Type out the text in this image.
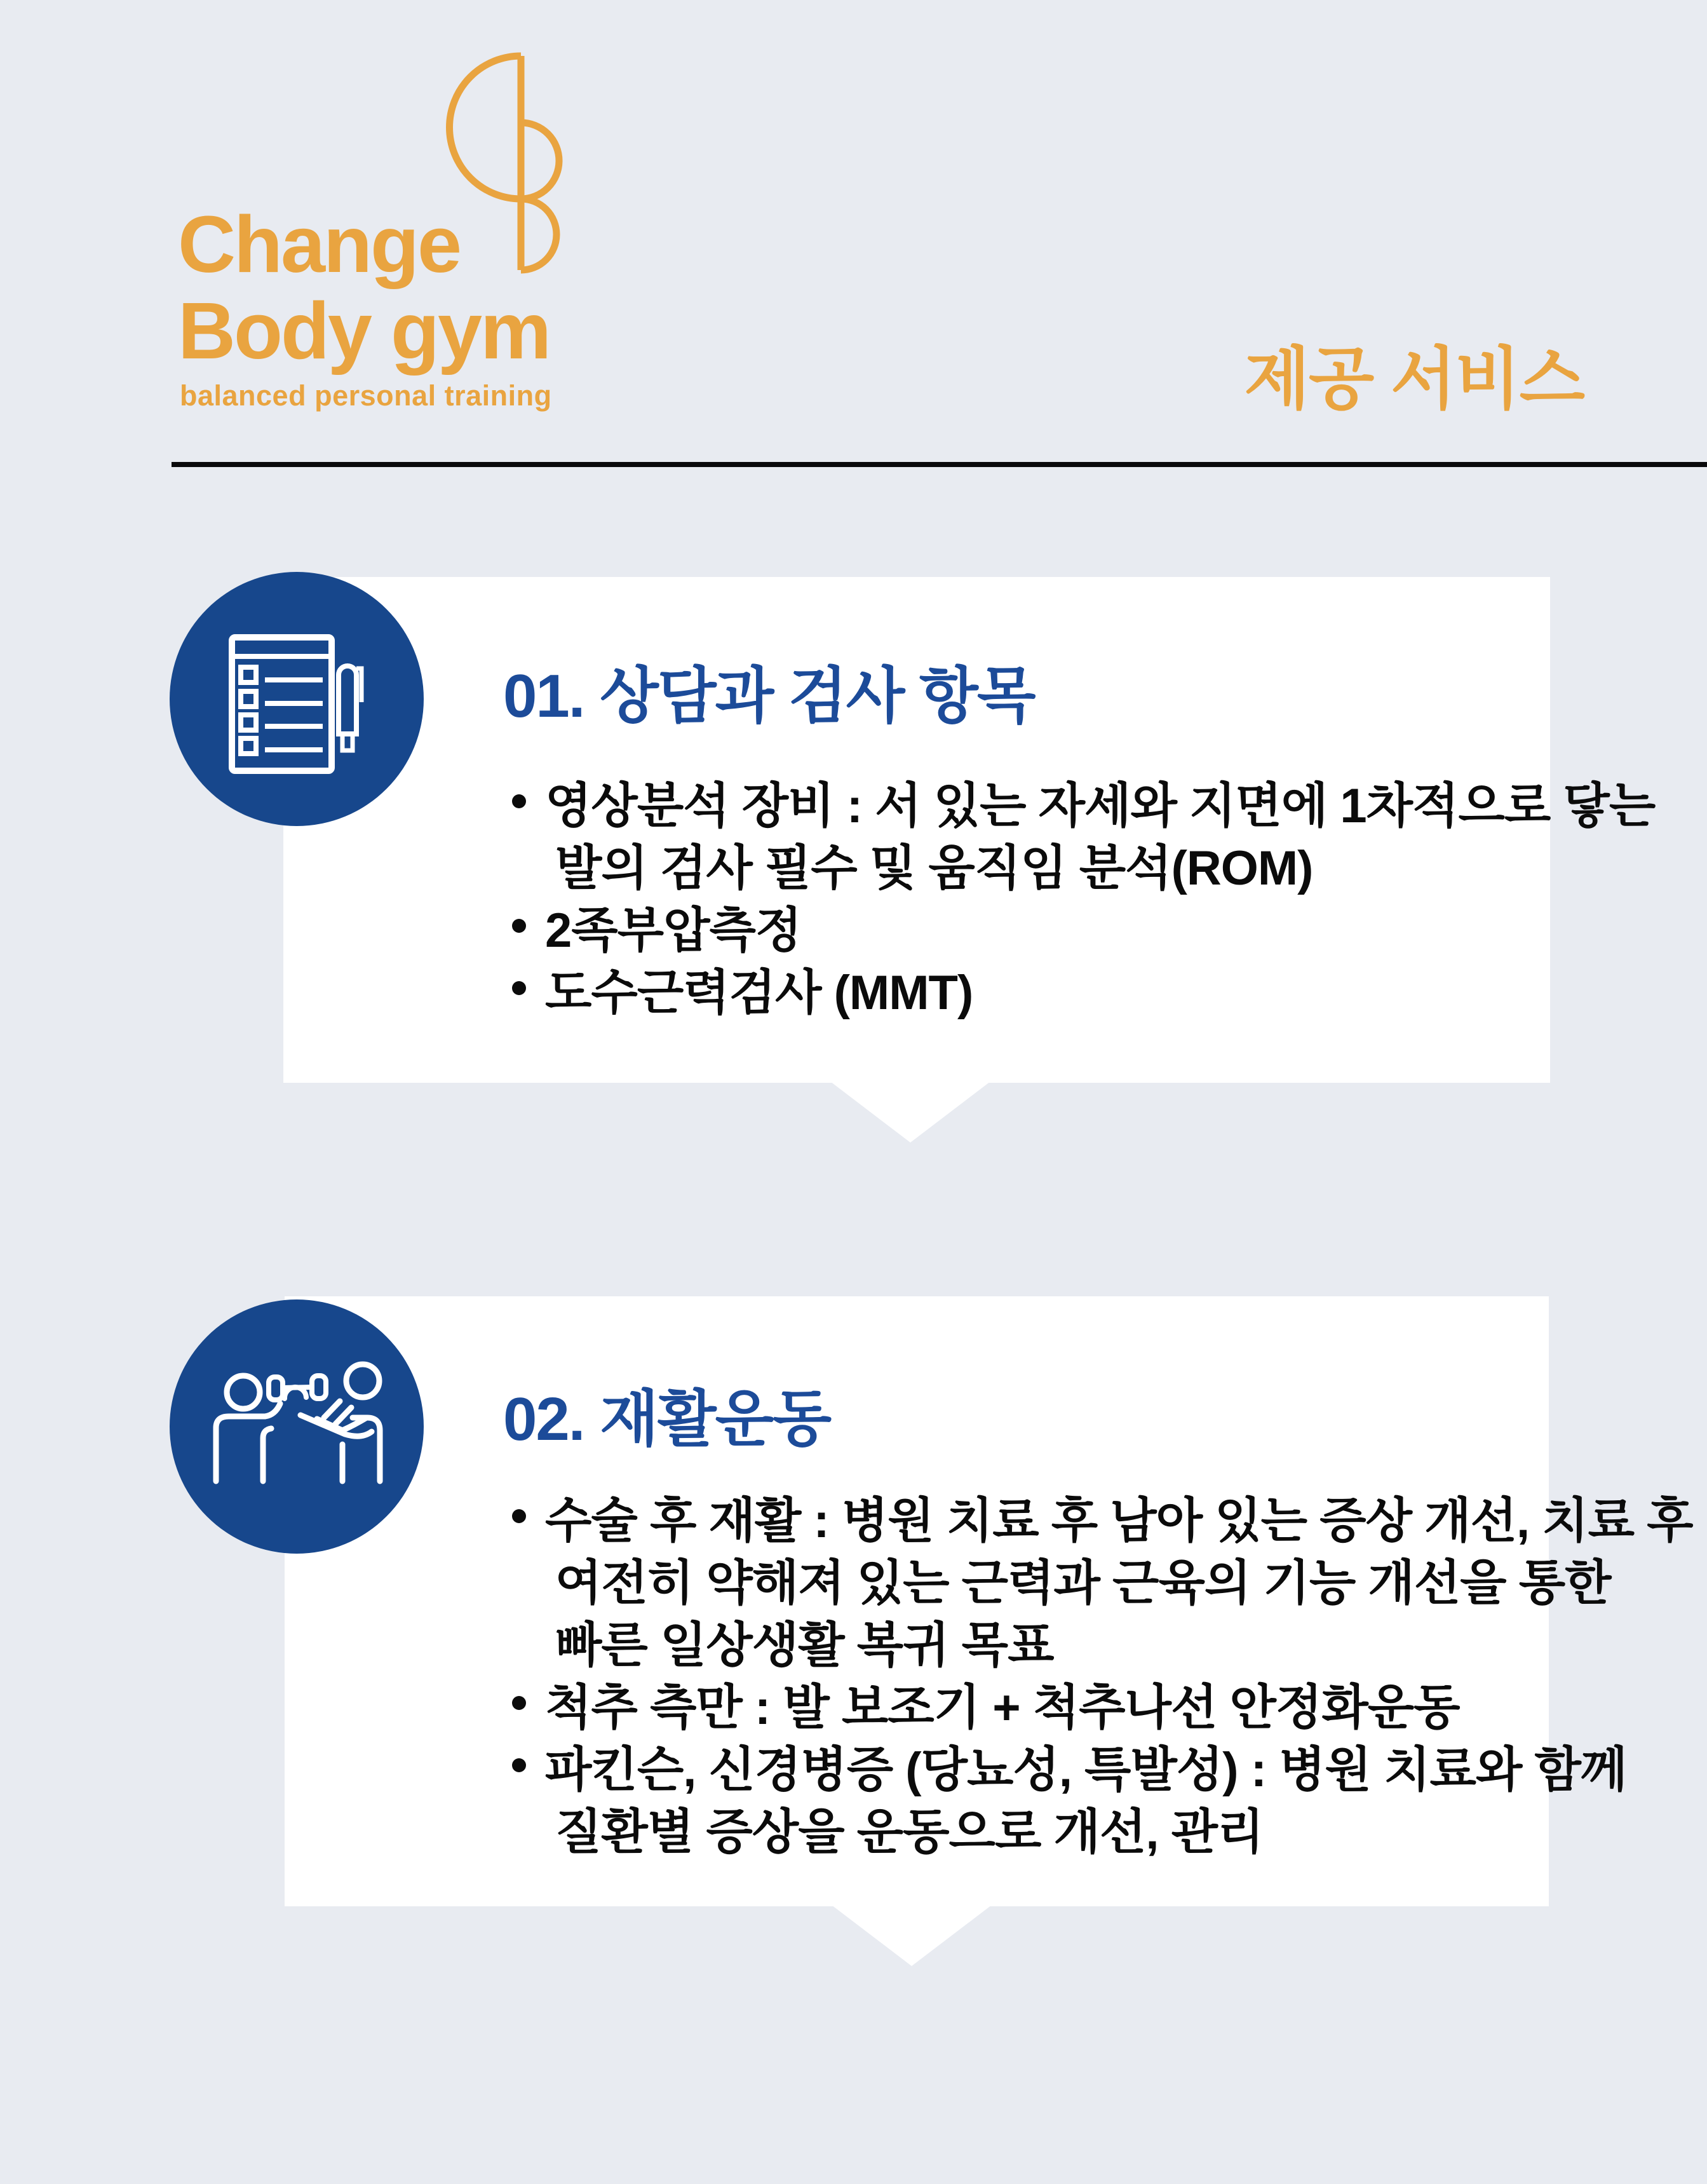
Change
Body gym
balanced personal training	제공 서비스
01. 상담과 검사 항목
영상분석 장비 : 서 있는 자세와 지면에 1차적으로 닿는
발의 검사 필수 및 움직임 분석(ROM)
2족부압측정
도수근력검사 (MMT)
02. 재활운동
수술 후 재활 : 병원 치료 후 남아 있는 증상 개선, 치료 후
여전히 약해져 있는 근력과 근육의 기능 개선을 통한
빠른 일상생활 복귀 목표
척추 측만 : 발 보조기 + 척추나선 안정화운동
파킨슨, 신경병증 (당뇨성, 특발성) : 병원 치료와 함께
질환별 증상을 운동으로 개선, 관리
